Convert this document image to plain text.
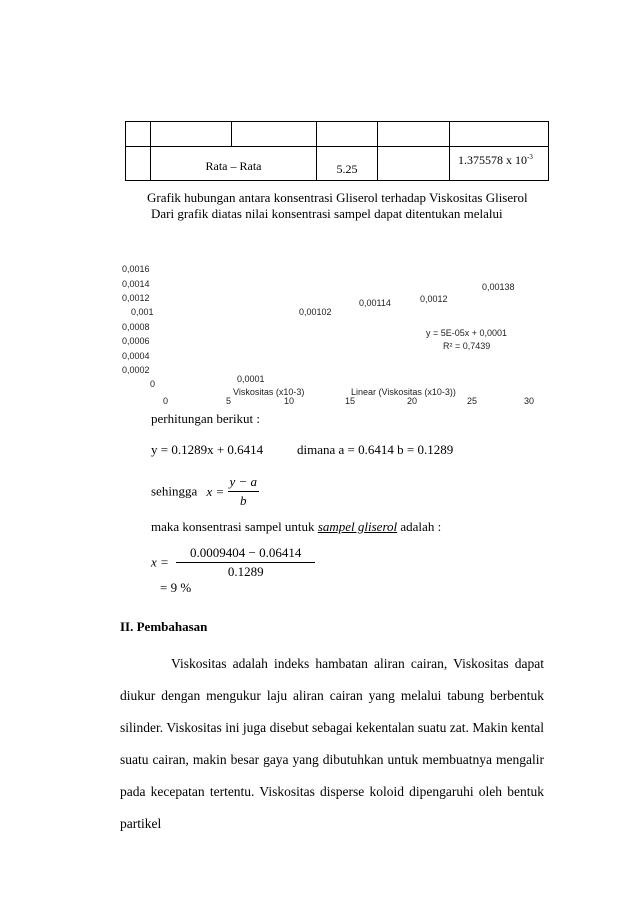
	Rata – Rata		5.25		1.375578 x $10^{-3}$
Grafik hubungan antara konsentrasi Gliserol terhadap Viskositas Gliserol
Dari grafik diatas nilai konsentrasi sampel dapat ditentukan melalui
0,0016
0,0014
0,0012
0,001
0,0008
0,0006
0,0004
0,0002
0
0	5	10	15	20	25	30
0,0001
0,00102
0,00114	0,0012
0,00138
Viskositas (x10-3)	Linear (Viskositas (x10-3))
y = 5E-05x + 0,0001
R² = 0,7439
perhitungan berikut :
y = 0.1289x + 0.6414	dimana a = 0.6414 b = 0.1289
sehingga $x = \frac{y - a}{b}$
maka konsentrasi sampel untuk sampel gliserol adalah :
$x = \frac{0.0009404 - 0.06414}{0.1289}$
= 9 %
II. Pembahasan
Viskositas adalah indeks hambatan aliran cairan, Viskositas dapat diukur dengan mengukur laju aliran cairan yang melalui tabung berbentuk silinder. Viskositas ini juga disebut sebagai kekentalan suatu zat. Makin kental suatu cairan, makin besar gaya yang dibutuhkan untuk membuatnya mengalir pada kecepatan tertentu. Viskositas disperse koloid dipengaruhi oleh bentuk partikel
